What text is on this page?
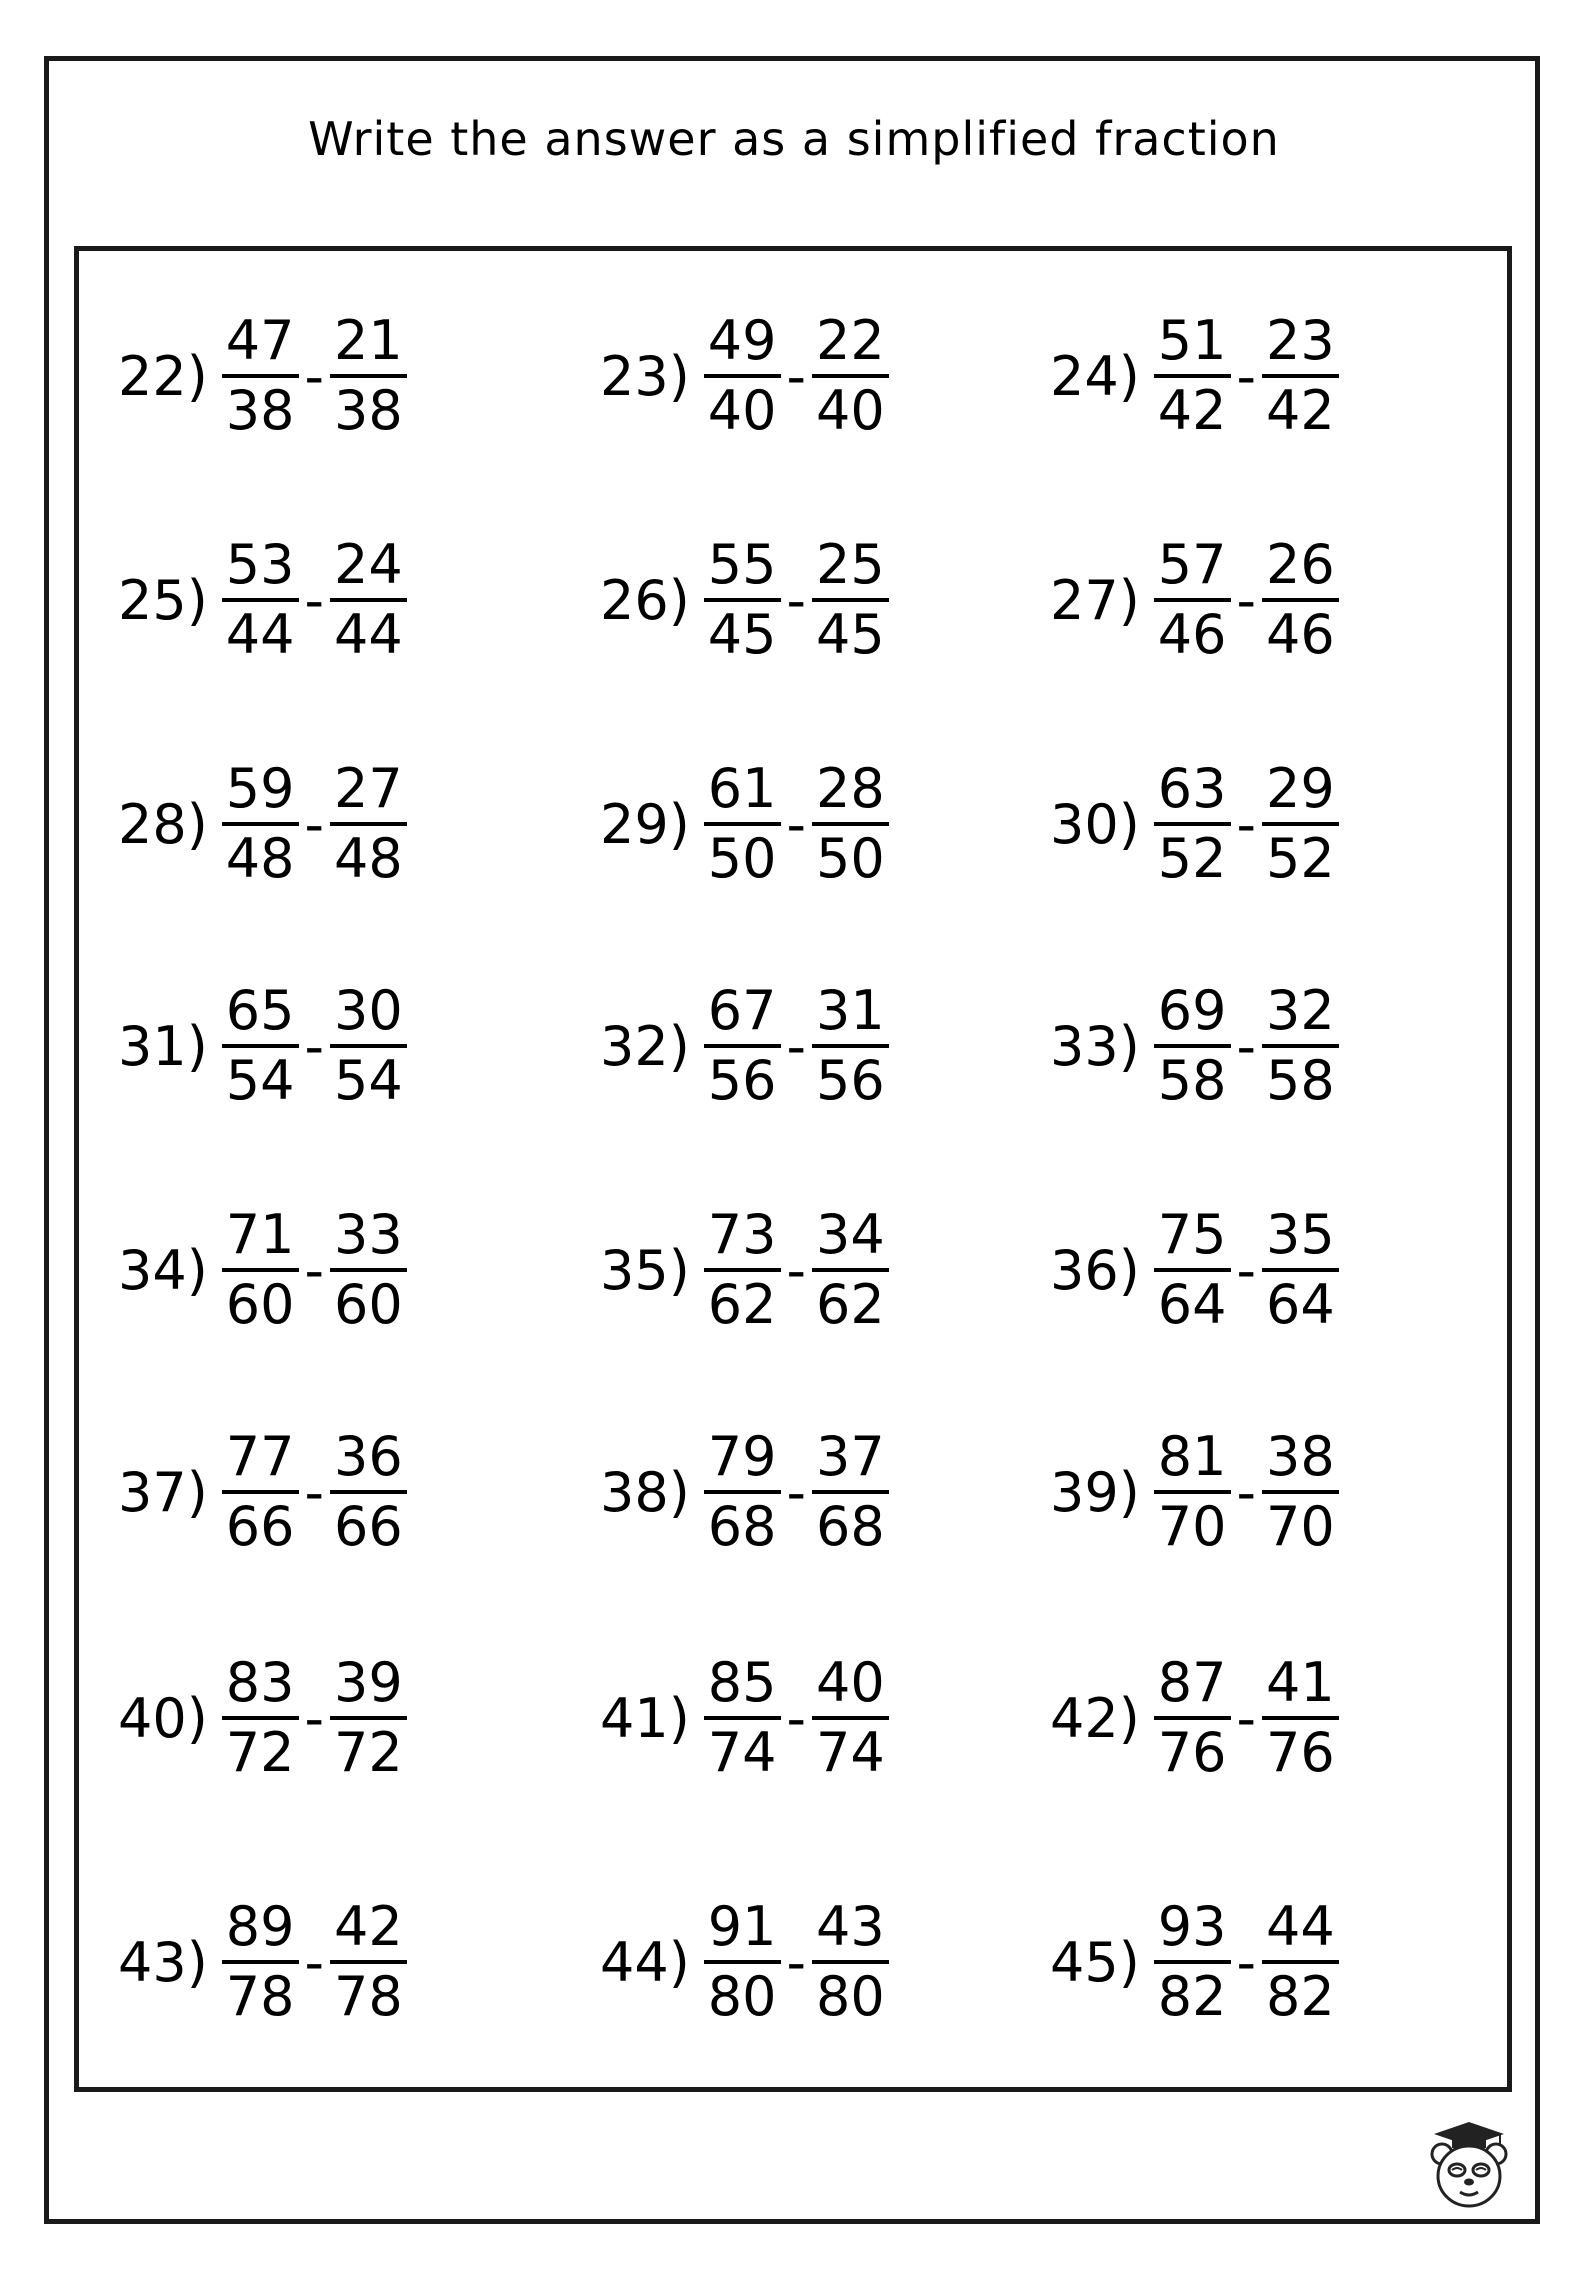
Write the answer as a simplified fraction
$22) \frac{47}{38} - \frac{21}{38}$	$23) \frac{49}{40} - \frac{22}{40}$	$24) \frac{51}{42} - \frac{23}{42}$
$25) \frac{53}{44} - \frac{24}{44}$	$26) \frac{55}{45} - \frac{25}{45}$	$27) \frac{57}{46} - \frac{26}{46}$
$28) \frac{59}{48} - \frac{27}{48}$	$29) \frac{61}{50} - \frac{28}{50}$	$30) \frac{63}{52} - \frac{29}{52}$
$31) \frac{65}{54} - \frac{30}{54}$	$32) \frac{67}{56} - \frac{31}{56}$	$33) \frac{69}{58} - \frac{32}{58}$
$34) \frac{71}{60} - \frac{33}{60}$	$35) \frac{73}{62} - \frac{34}{62}$	$36) \frac{75}{64} - \frac{35}{64}$
$37) \frac{77}{66} - \frac{36}{66}$	$38) \frac{79}{68} - \frac{37}{68}$	$39) \frac{81}{70} - \frac{38}{70}$
$40) \frac{83}{72} - \frac{39}{72}$	$41) \frac{85}{74} - \frac{40}{74}$	$42) \frac{87}{76} - \frac{41}{76}$
$43) \frac{89}{78} - \frac{42}{78}$	$44) \frac{91}{80} - \frac{43}{80}$	$45) \frac{93}{82} - \frac{44}{82}$
